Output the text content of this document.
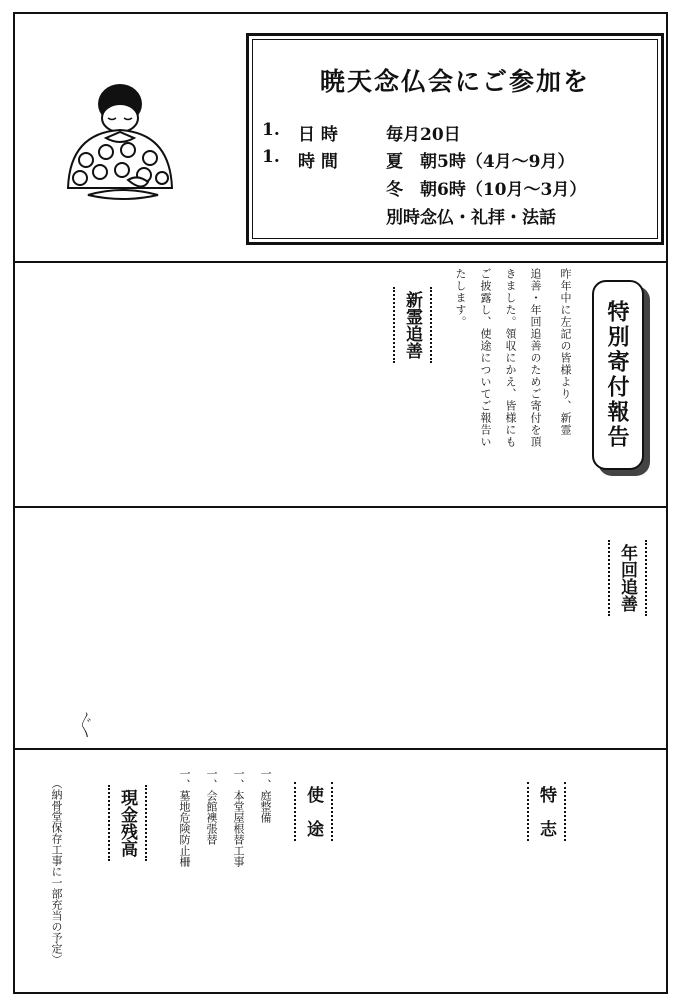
暁天念仏会にご参加を
1. 日 時	毎月20日
1. 時 間	夏　朝5時（4月～9月）
冬　朝6時（10月～3月）
別時念仏・礼拝・法話
特別寄付報告
昨年中に左記の皆様より、新霊
追善・年回追善のためご寄付を頂
きました。領収にかえ、皆様にも
ご披露し、使途についてご報告い
たします。
新霊追善
年回追善
〲
特　志
使　途
一、庭整備
一、本堂屋根替工事
一、会館襖張替
一、墓地危険防止柵
現金残高
（納骨堂保存工事に一部充当の予定）
